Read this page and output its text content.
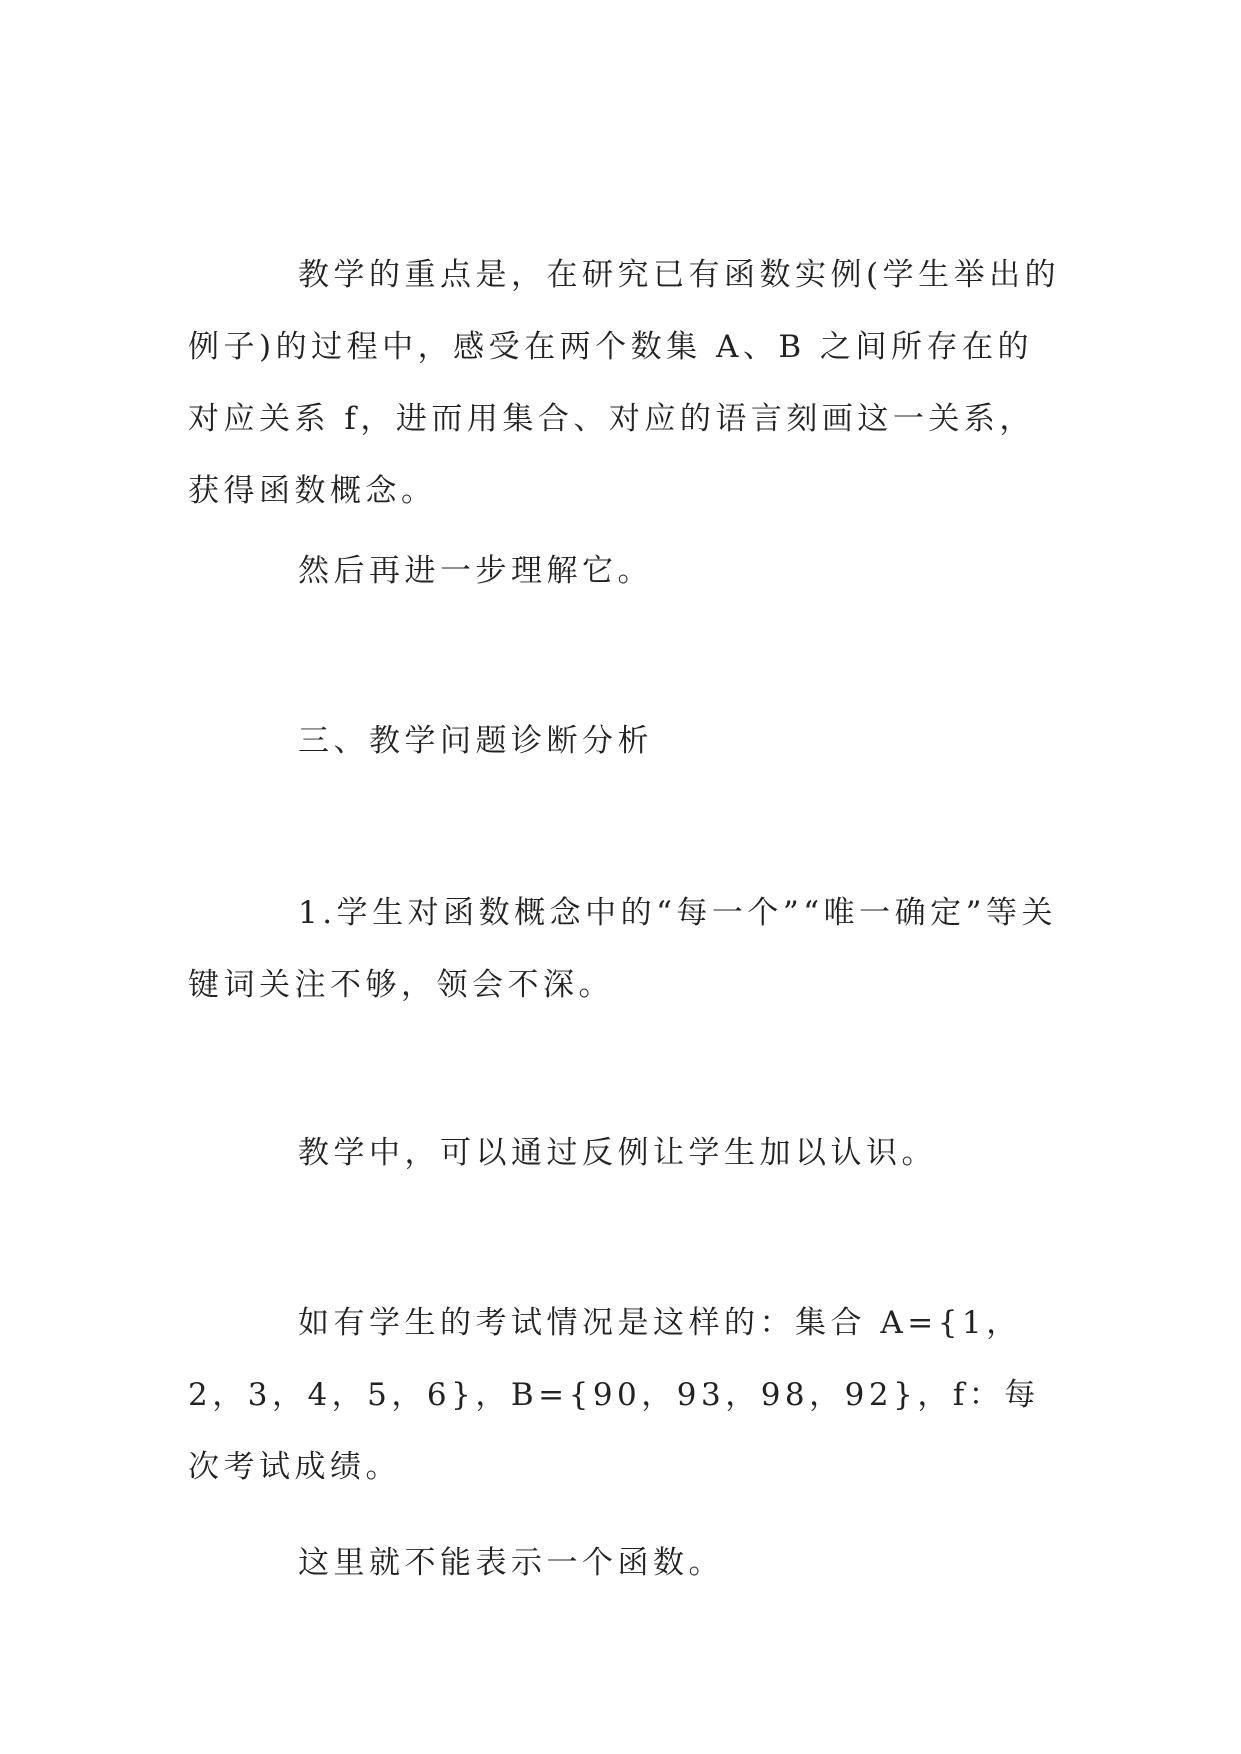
教学的重点是，在研究已有函数实例(学生举出的例子)的过程中，感受在两个数集 A、B 之间所存在的对应关系 f，进而用集合、对应的语言刻画这一关系，获得函数概念。

然后再进一步理解它。

三、教学问题诊断分析

1.学生对函数概念中的“每一个”“唯一确定”等关键词关注不够，领会不深。

教学中，可以通过反例让学生加以认识。

如有学生的考试情况是这样的：集合 A={1，2，3，4，5，6}，B={90，93，98，92}，f：每次考试成绩。

这里就不能表示一个函数。
